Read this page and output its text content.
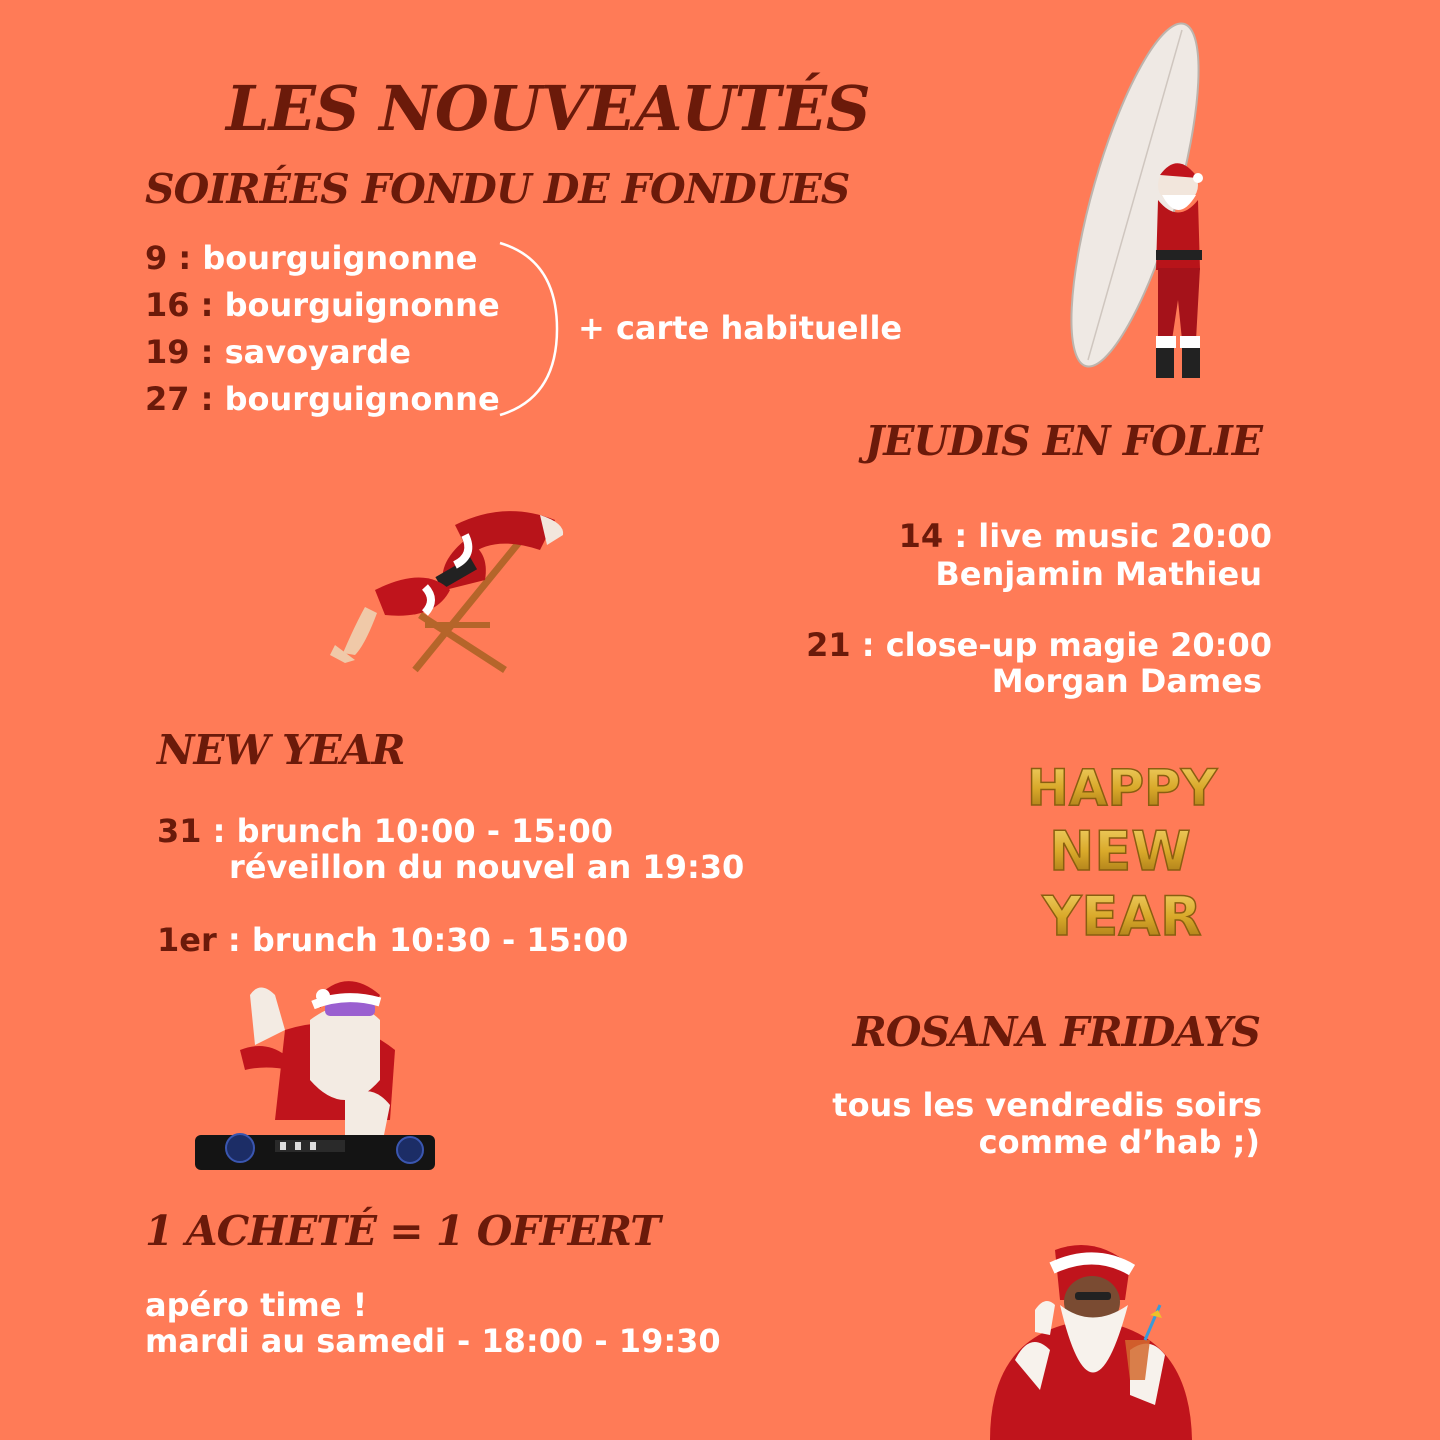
LES NOUVEAUTÉS
SOIRÉES FONDU DE FONDUES
9 : bourguignonne
16 : bourguignonne
19 : savoyarde
27 : bourguignonne
+ carte habituelle
JEUDIS EN FOLIE
14 : live music 20:00
Benjamin Mathieu
21 : close-up magie 20:00
Morgan Dames
NEW YEAR
31 : brunch 10:00 - 15:00
réveillon du nouvel an 19:30
1er : brunch 10:30 - 15:00
HAPPY
NEW
YEAR
ROSANA FRIDAYS
tous les vendredis soirs
comme d’hab ;)
1 ACHETÉ = 1 OFFERT
apéro time !
mardi au samedi - 18:00 - 19:30
